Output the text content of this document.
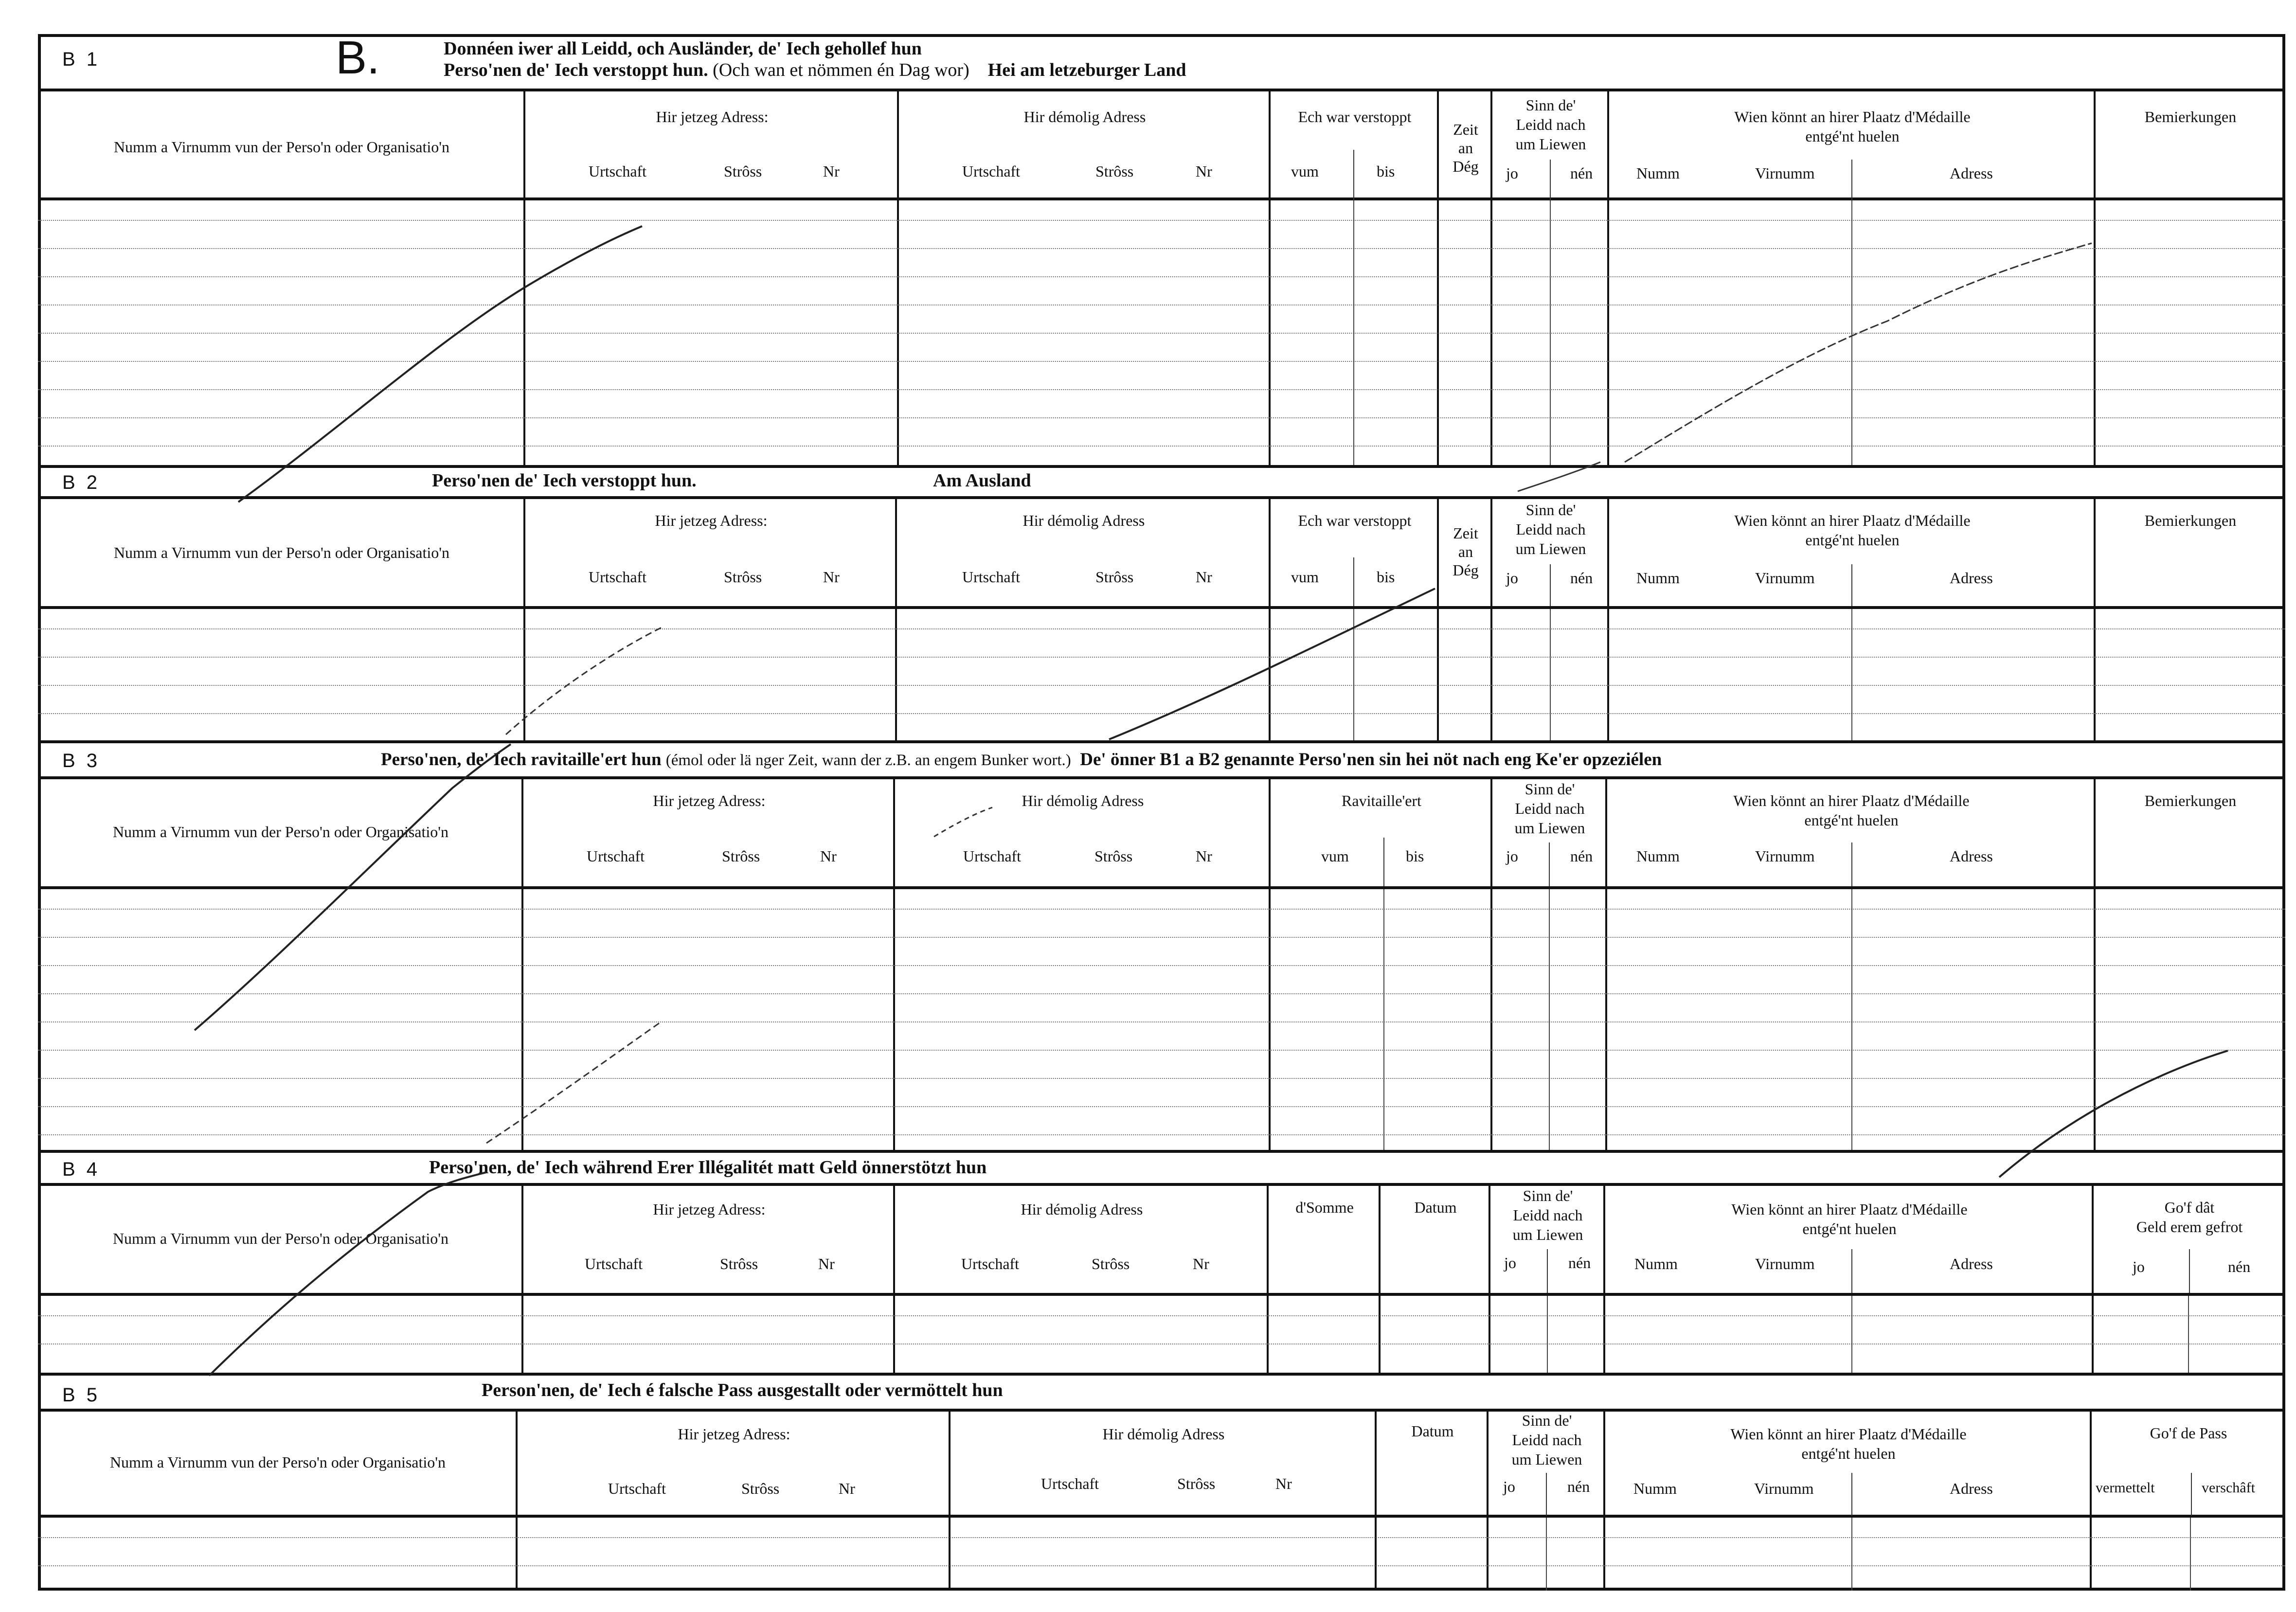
B 1	B.	Donnéen iwer all Leidd, och Ausländer, de' Iech gehollef hun
Perso'nen de' Iech verstoppt hun. (Och wan et nömmen én Dag wor) Hei am letzeburger Land
Numm a Virnumm vun der Perso'n oder Organisatio'n
Hir jetzeg Adress:
Urtschaft	Strôss	Nr
Hir démolig Adress
Urtschaft	Strôss	Nr
Ech war verstoppt
vum	bis
Zeit
an
Dég
Sinn de'
Leidd nach
um Liewen
jo	nén
Wien könnt an hirer Plaatz d'Médaille
entgé'nt huelen
Numm	Virnumm	Adress
Bemierkungen
B 2	Perso'nen de' Iech verstoppt hun.	Am Ausland
Numm a Virnumm vun der Perso'n oder Organisatio'n
Hir jetzeg Adress:
Urtschaft	Strôss	Nr
Hir démolig Adress
Urtschaft	Strôss	Nr
Ech war verstoppt
vum	bis
Zeit
an
Dég
Sinn de'
Leidd nach
um Liewen
jo	nén
Wien könnt an hirer Plaatz d'Médaille
entgé'nt huelen
Numm	Virnumm	Adress
Bemierkungen
B 3	Perso'nen, de' Iech ravitaille'ert hun (émol oder lä nger Zeit, wann der z.B. an engem Bunker wort.) De' önner B1 a B2 genannte Perso'nen sin hei nöt nach eng Ke'er opzeziélen
Numm a Virnumm vun der Perso'n oder Organisatio'n
Hir jetzeg Adress:
Urtschaft	Strôss	Nr
Hir démolig Adress
Urtschaft	Strôss	Nr
Ravitaille'ert
vum	bis
Sinn de'
Leidd nach
um Liewen
jo	nén
Wien könnt an hirer Plaatz d'Médaille
entgé'nt huelen
Numm	Virnumm	Adress
Bemierkungen
B 4	Perso'nen, de' Iech während Erer Illégalitét matt Geld önnerstötzt hun
Numm a Virnumm vun der Perso'n oder Organisatio'n
Hir jetzeg Adress:
Urtschaft	Strôss	Nr
Hir démolig Adress
Urtschaft	Strôss	Nr
d'Somme	Datum
Sinn de'
Leidd nach
um Liewen
jo	nén
Wien könnt an hirer Plaatz d'Médaille
entgé'nt huelen
Numm	Virnumm	Adress
Go'f dât
Geld erem gefrot
jo	nén
B 5	Person'nen, de' Iech é falsche Pass ausgestallt oder vermöttelt hun
Numm a Virnumm vun der Perso'n oder Organisatio'n
Hir jetzeg Adress:
Urtschaft	Strôss	Nr
Hir démolig Adress
Urtschaft	Strôss	Nr
Datum
Sinn de'
Leidd nach
um Liewen
jo	nén
Wien könnt an hirer Plaatz d'Médaille
entgé'nt huelen
Numm	Virnumm	Adress
Go'f de Pass
vermettelt	verschâft
